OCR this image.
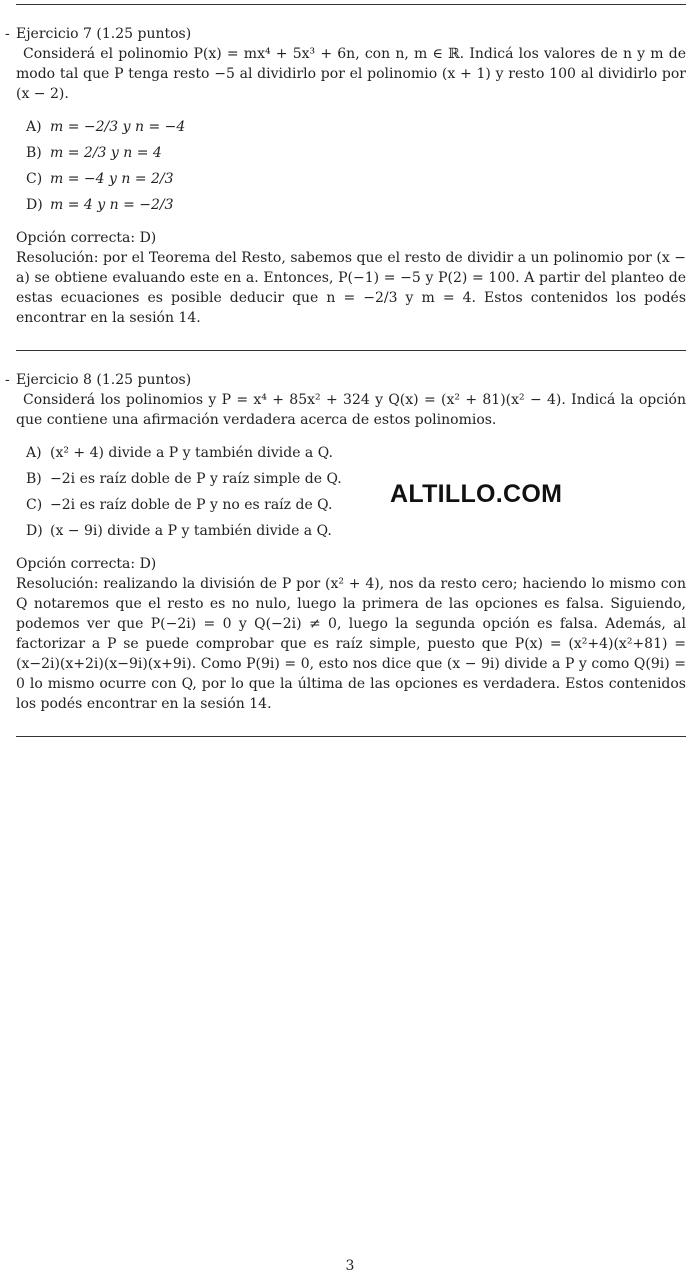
- Ejercicio 7 (1.25 puntos)

Considerá el polinomio P(x) = mx⁴ + 5x³ + 6n, con n, m ∈ ℝ. Indicá los valores de n y m de modo tal que P tenga resto −5 al dividirlo por el polinomio (x + 1) y resto 100 al dividirlo por (x − 2).

A) m = −2/3 y n = −4
B) m = 2/3 y n = 4
C) m = −4 y n = 2/3
D) m = 4 y n = −2/3

Opción correcta: D)

Resolución: por el Teorema del Resto, sabemos que el resto de dividir a un polinomio por (x − a) se obtiene evaluando este en a. Entonces, P(−1) = −5 y P(2) = 100. A partir del planteo de estas ecuaciones es posible deducir que n = −2/3 y m = 4. Estos contenidos los podés encontrar en la sesión 14.

- Ejercicio 8 (1.25 puntos)

Considerá los polinomios y P = x⁴ + 85x² + 324 y Q(x) = (x² + 81)(x² − 4). Indicá la opción que contiene una afirmación verdadera acerca de estos polinomios.

A) (x² + 4) divide a P y también divide a Q.
B) −2i es raíz doble de P y raíz simple de Q.
C) −2i es raíz doble de P y no es raíz de Q.
D) (x − 9i) divide a P y también divide a Q.

Opción correcta: D)

Resolución: realizando la división de P por (x² + 4), nos da resto cero; haciendo lo mismo con Q notaremos que el resto es no nulo, luego la primera de las opciones es falsa. Siguiendo, podemos ver que P(−2i) = 0 y Q(−2i) ≠ 0, luego la segunda opción es falsa. Además, al factorizar a P se puede comprobar que es raíz simple, puesto que P(x) = (x²+4)(x²+81) = (x−2i)(x+2i)(x−9i)(x+9i). Como P(9i) = 0, esto nos dice que (x − 9i) divide a P y como Q(9i) = 0 lo mismo ocurre con Q, por lo que la última de las opciones es verdadera. Estos contenidos los podés encontrar en la sesión 14.

ALTILLO.COM
3
